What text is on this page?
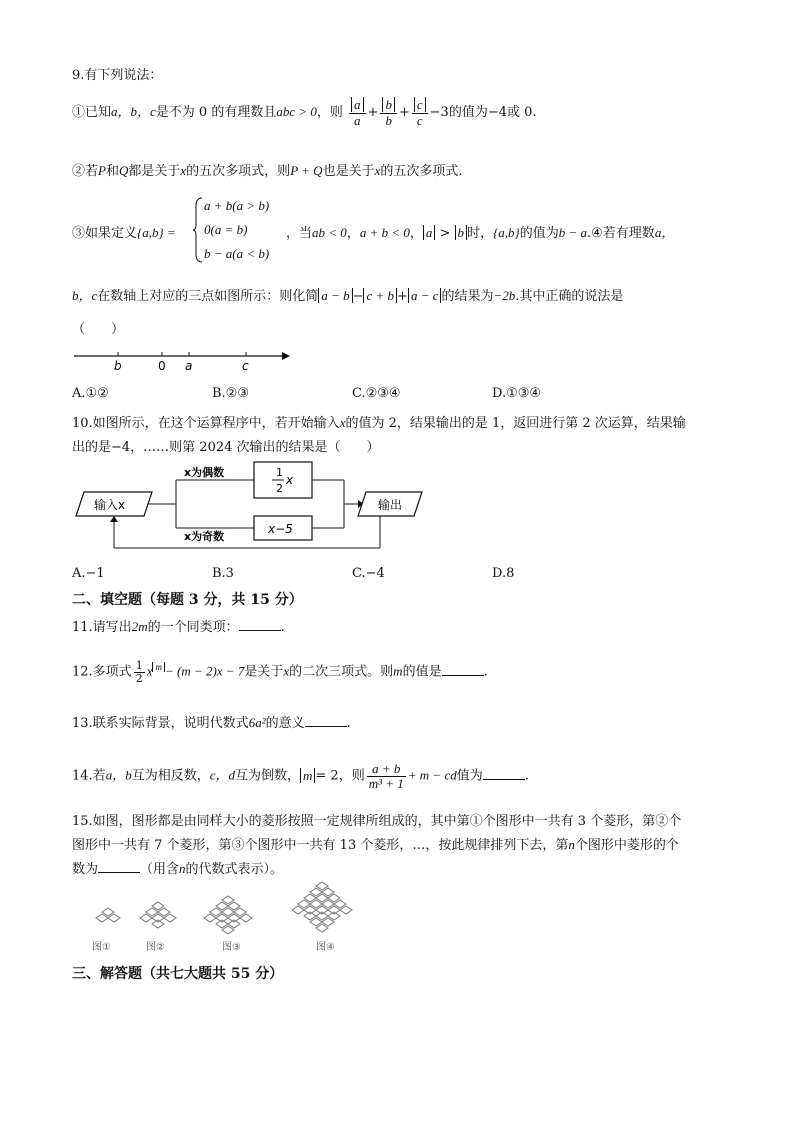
9.有下列说法：
①已知a，b，c是不为 0 的有理数且abc > 0，则 $\frac{a}{a} + \frac{b}{b} + \frac{c}{c} -3$的值为−4或 0.
②若P和Q都是关于x的五次多项式，则P + Q也是关于x的五次多项式.
③如果定义{a,b} =
a + b(a > b)
0(a = b)
b − a(a < b)
，当ab < 0，a + b < 0， a > b 时，{a,b}的值为b − a.④若有理数a，
b，c在数轴上对应的三点如图所示：则化简 a − b − c + b + a − c 的结果为−2b.其中正确的说法是
（　　）
b	0 a	c
A.①②	B.②③	C.②③④	D.①③④
10.如图所示，在这个运算程序中，若开始输入x的值为 2，结果输出的是 1，返回进行第 2 次运算，结果输
出的是−4，……则第 2024 次输出的结果是（　　）
输入x
x为偶数
x为奇数
1
2
x
x−5
输出
A.−1	B.3	C.−4	D.8
二、填空题（每题 3 分，共 15 分）
11.请写出2m的一个同类项：	.
12.多项式 $\frac{1}{2}$ x $^m$ − (m − 2)x − 7是关于x的二次三项式。则m的值是	.
13.联系实际背景，说明代数式6a²的意义	.
14.若a，b互为相反数，c，d互为倒数， m = 2，则 $\frac{a + b}{\text{m³ + 1}} + m$ − cd值为	.
15.如图，图形都是由同样大小的菱形按照一定规律所组成的，其中第①个图形中一共有 3 个菱形，第②个
图形中一共有 7 个菱形，第③个图形中一共有 13 个菱形，…，按此规律排列下去，第n个图形中菱形的个
数为	（用含n的代数式表示）。
图①	图②	图③	图④
三、解答题（共七大题共 55 分）
